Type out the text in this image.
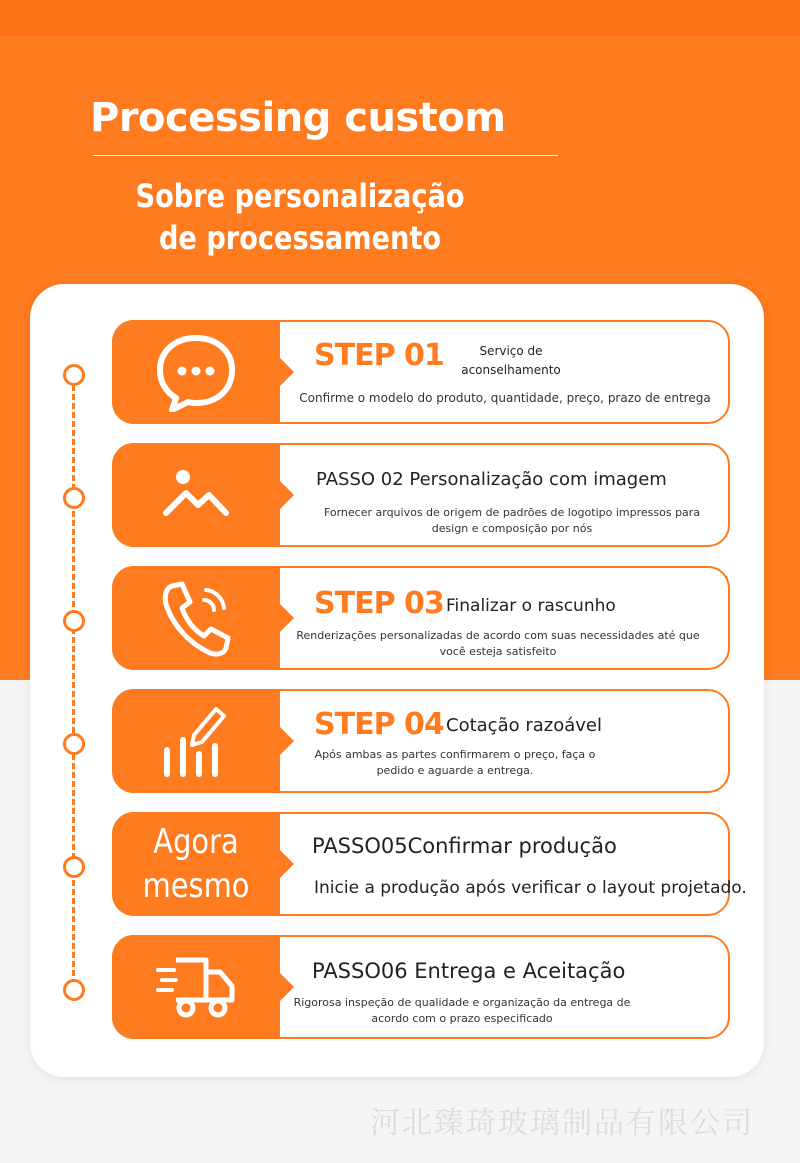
Processing custom
Sobre personalização de processamento
STEP 01	Serviço de aconselhamento
Confirme o modelo do produto, quantidade, preço, prazo de entrega
PASSO 02 Personalização com imagem
Fornecer arquivos de origem de padrões de logotipo impressos para design e composição por nós
STEP 03 Finalizar o rascunho
Renderizações personalizadas de acordo com suas necessidades até que você esteja satisfeito
STEP 04 Cotação razoável
Após ambas as partes confirmarem o preço, faça o pedido e aguarde a entrega.
Agora mesmo
PASSO05Confirmar produção
Inicie a produção após verificar o layout projetado.
PASSO06 Entrega e Aceitação
Rigorosa inspeção de qualidade e organização da entrega de acordo com o prazo especificado
河北臻琦玻璃制品有限公司
